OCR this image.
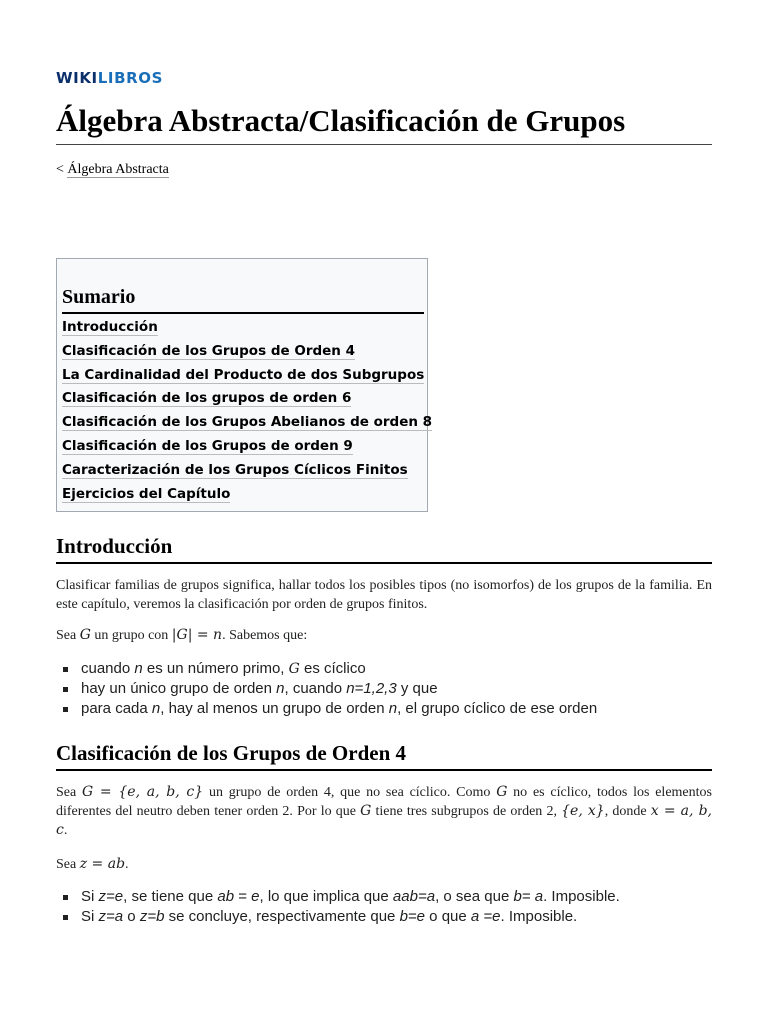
WIKILIBROS
Álgebra Abstracta/Clasificación de Grupos
< Álgebra Abstracta
Sumario
Introducción
Clasificación de los Grupos de Orden 4
La Cardinalidad del Producto de dos Subgrupos
Clasificación de los grupos de orden 6
Clasificación de los Grupos Abelianos de orden 8
Clasificación de los Grupos de orden 9
Caracterización de los Grupos Cíclicos Finitos
Ejercicios del Capítulo
Introducción

Clasificar familias de grupos significa, hallar todos los posibles tipos (no isomorfos) de los grupos de la familia. En este capítulo, veremos la clasificación por orden de grupos finitos.

Sea G un grupo con |G| = n. Sabemos que:

cuando n es un número primo, G es cíclico
hay un único grupo de orden n, cuando n=1,2,3 y que
para cada n, hay al menos un grupo de orden n, el grupo cíclico de ese orden
Clasificación de los Grupos de Orden 4

Sea G = {e, a, b, c} un grupo de orden 4, que no sea cíclico. Como G no es cíclico, todos los elementos diferentes del neutro deben tener orden 2. Por lo que G tiene tres subgrupos de orden 2, {e, x}, donde x = a, b, c.

Sea z = ab.

Si z=e, se tiene que ab = e, lo que implica que aab=a, o sea que b= a. Imposible.
Si z=a o z=b se concluye, respectivamente que b=e o que a =e. Imposible.
